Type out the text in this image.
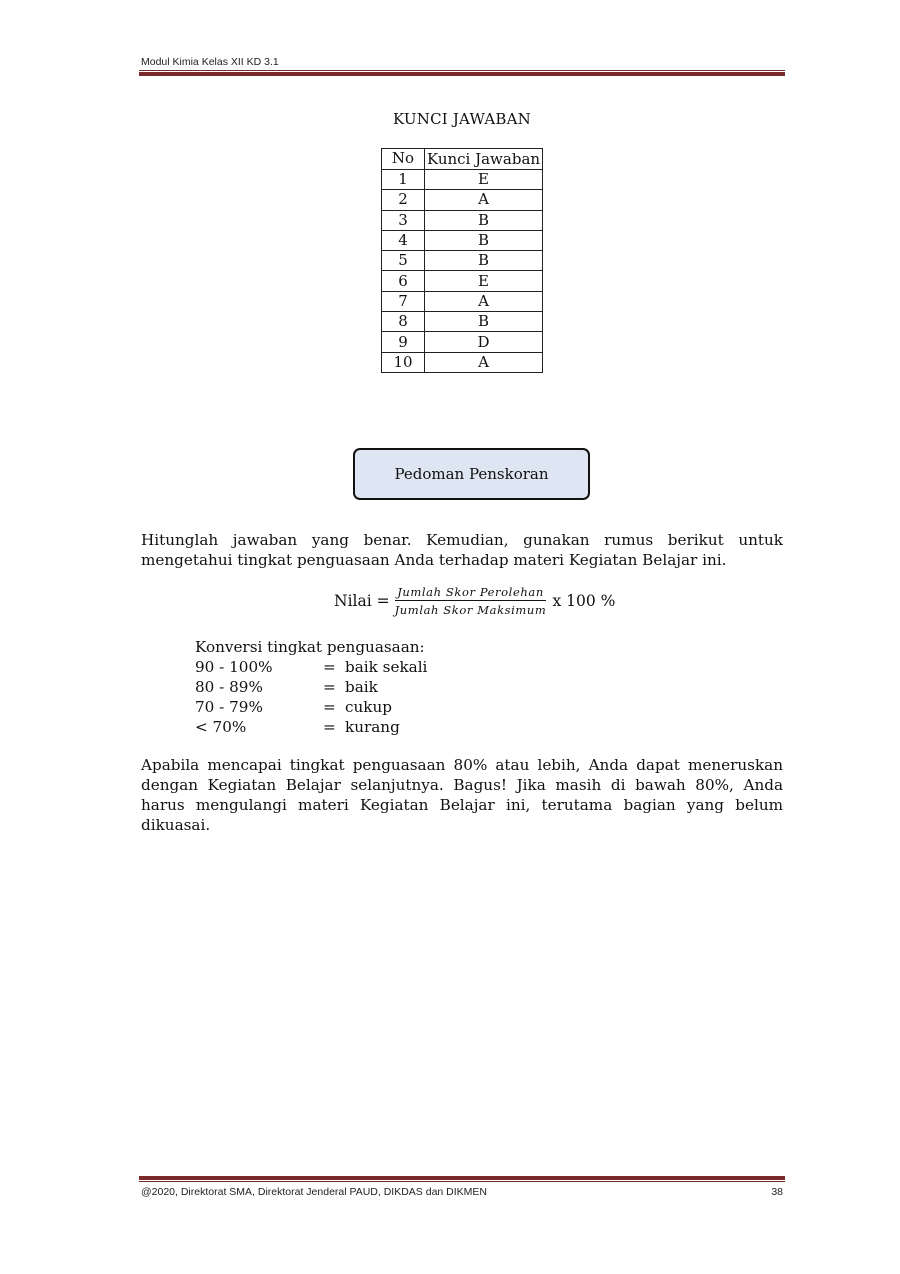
Modul Kimia Kelas XII KD 3.1
KUNCI JAWABAN
No	Kunci Jawaban
1	E
2	A
3	B
4	B
5	B
6	E
7	A
8	B
9	D
10	A
Pedoman Penskoran
Hitunglah jawaban yang benar. Kemudian, gunakan rumus berikut untuk mengetahui tingkat penguasaan Anda terhadap materi Kegiatan Belajar ini.
Nilai = $\frac{\text{Jumlah Skor Perolehan}}{\text{Jumlah Skor Maksimum}}$ x 100 %
Konversi tingkat penguasaan:
90 - 100%	= baik sekali
80 - 89%	= baik
70 - 79%	= cukup
< 70%	= kurang
Apabila mencapai tingkat penguasaan 80% atau lebih, Anda dapat meneruskan dengan Kegiatan Belajar selanjutnya. Bagus! Jika masih di bawah 80%, Anda harus mengulangi materi Kegiatan Belajar ini, terutama bagian yang belum dikuasai.
@2020, Direktorat SMA, Direktorat Jenderal PAUD, DIKDAS dan DIKMEN	38
